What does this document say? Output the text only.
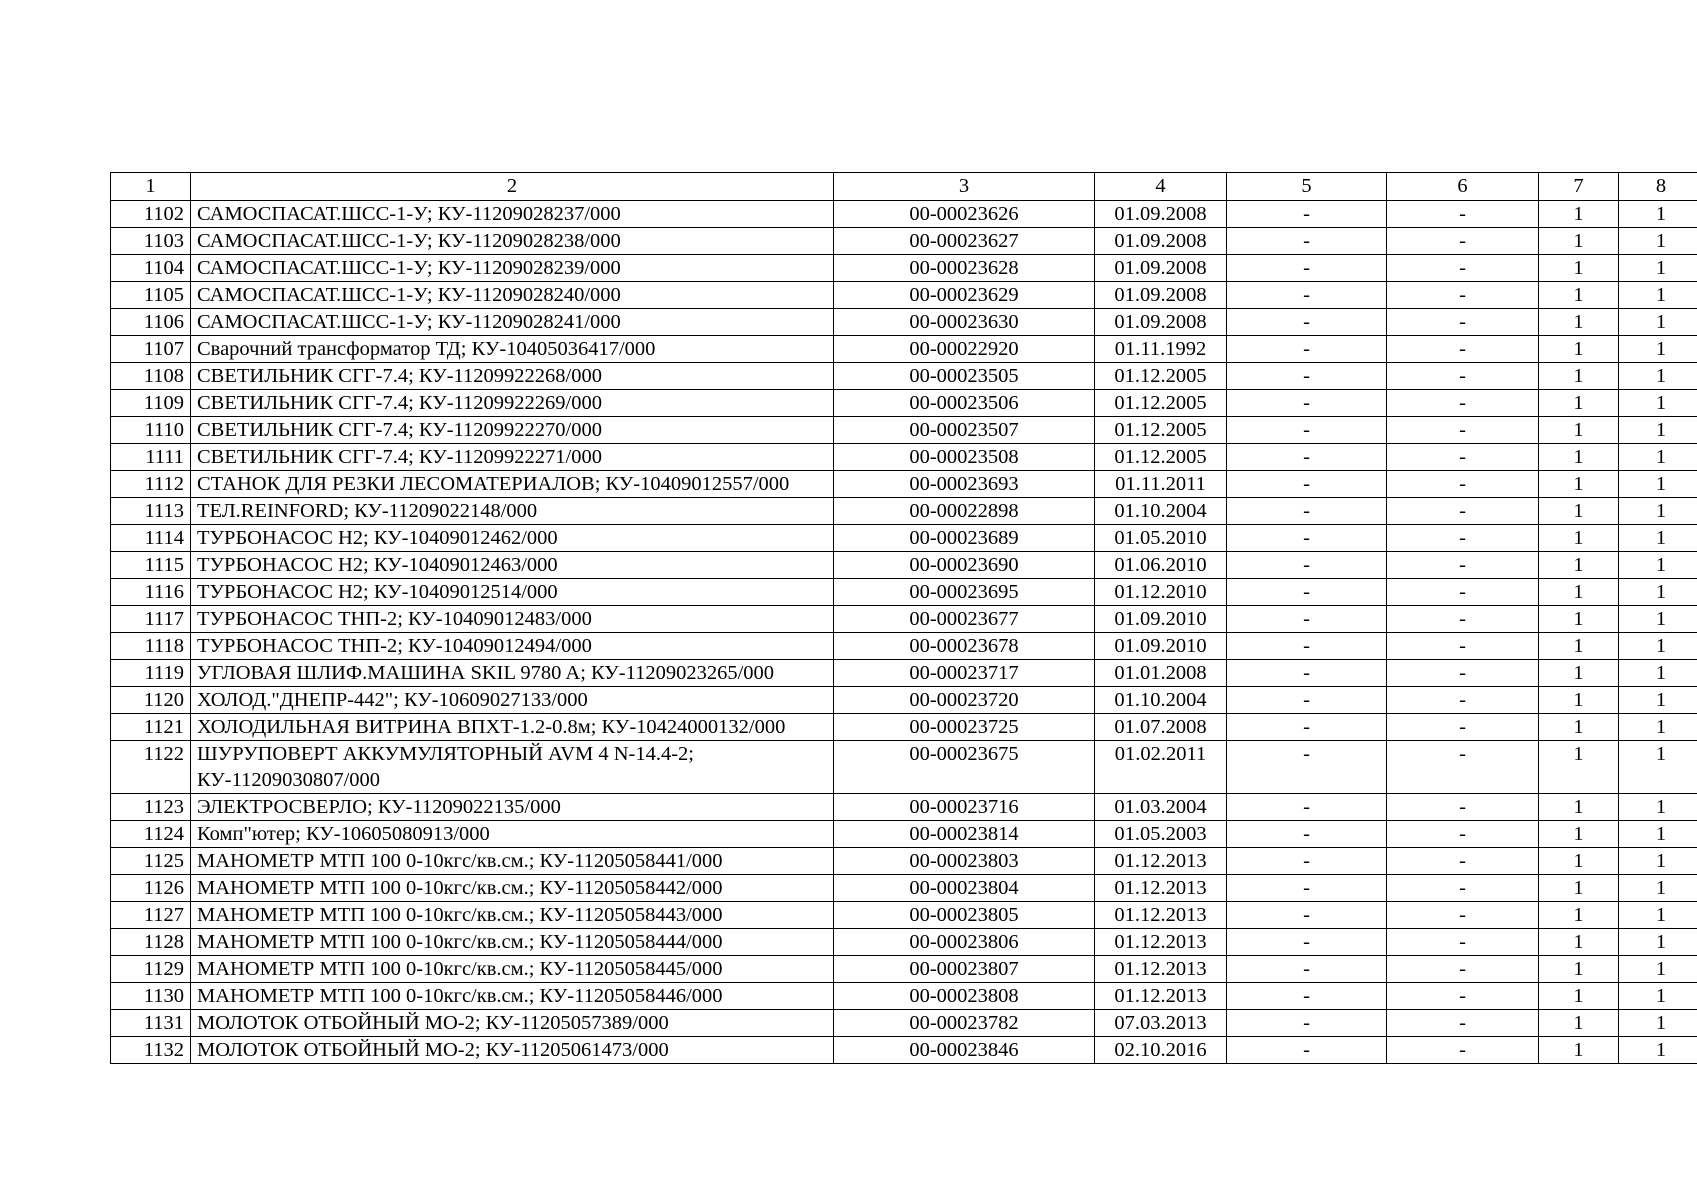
1	2	3	4	5	6	7	8
1102	САМОСПАСАТ.ШСС-1-У; КУ-11209028237/000	00-00023626	01.09.2008	-	-	1	1
1103	САМОСПАСАТ.ШСС-1-У; КУ-11209028238/000	00-00023627	01.09.2008	-	-	1	1
1104	САМОСПАСАТ.ШСС-1-У; КУ-11209028239/000	00-00023628	01.09.2008	-	-	1	1
1105	САМОСПАСАТ.ШСС-1-У; КУ-11209028240/000	00-00023629	01.09.2008	-	-	1	1
1106	САМОСПАСАТ.ШСС-1-У; КУ-11209028241/000	00-00023630	01.09.2008	-	-	1	1
1107	Сварочний трансформатор ТД; КУ-10405036417/000	00-00022920	01.11.1992	-	-	1	1
1108	СВЕТИЛЬНИК СГГ-7.4; КУ-11209922268/000	00-00023505	01.12.2005	-	-	1	1
1109	СВЕТИЛЬНИК СГГ-7.4; КУ-11209922269/000	00-00023506	01.12.2005	-	-	1	1
1110	СВЕТИЛЬНИК СГГ-7.4; КУ-11209922270/000	00-00023507	01.12.2005	-	-	1	1
1111	СВЕТИЛЬНИК СГГ-7.4; КУ-11209922271/000	00-00023508	01.12.2005	-	-	1	1
1112	СТАНОК ДЛЯ РЕЗКИ ЛЕСОМАТЕРИАЛОВ; КУ-10409012557/000	00-00023693	01.11.2011	-	-	1	1
1113	ТЕЛ.REINFORD; КУ-11209022148/000	00-00022898	01.10.2004	-	-	1	1
1114	ТУРБОНАСОС Н2; КУ-10409012462/000	00-00023689	01.05.2010	-	-	1	1
1115	ТУРБОНАСОС Н2; КУ-10409012463/000	00-00023690	01.06.2010	-	-	1	1
1116	ТУРБОНАСОС Н2; КУ-10409012514/000	00-00023695	01.12.2010	-	-	1	1
1117	ТУРБОНАСОС ТНП-2; КУ-10409012483/000	00-00023677	01.09.2010	-	-	1	1
1118	ТУРБОНАСОС ТНП-2; КУ-10409012494/000	00-00023678	01.09.2010	-	-	1	1
1119	УГЛОВАЯ ШЛИФ.МАШИНА SKIL 9780 A; КУ-11209023265/000	00-00023717	01.01.2008	-	-	1	1
1120	ХОЛОД."ДНЕПР-442"; КУ-10609027133/000	00-00023720	01.10.2004	-	-	1	1
1121	ХОЛОДИЛЬНАЯ ВИТРИНА ВПХТ-1.2-0.8м; КУ-10424000132/000	00-00023725	01.07.2008	-	-	1	1
1122	ШУРУПОВЕРТ АККУМУЛЯТОРНЫЙ AVM 4 N-14.4-2; КУ-11209030807/000	00-00023675	01.02.2011	-	-	1	1
1123	ЭЛЕКТРОСВЕРЛО; КУ-11209022135/000	00-00023716	01.03.2004	-	-	1	1
1124	Комп"ютер; КУ-10605080913/000	00-00023814	01.05.2003	-	-	1	1
1125	МАНОМЕТР МТП 100 0-10кгс/кв.см.; КУ-11205058441/000	00-00023803	01.12.2013	-	-	1	1
1126	МАНОМЕТР МТП 100 0-10кгс/кв.см.; КУ-11205058442/000	00-00023804	01.12.2013	-	-	1	1
1127	МАНОМЕТР МТП 100 0-10кгс/кв.см.; КУ-11205058443/000	00-00023805	01.12.2013	-	-	1	1
1128	МАНОМЕТР МТП 100 0-10кгс/кв.см.; КУ-11205058444/000	00-00023806	01.12.2013	-	-	1	1
1129	МАНОМЕТР МТП 100 0-10кгс/кв.см.; КУ-11205058445/000	00-00023807	01.12.2013	-	-	1	1
1130	МАНОМЕТР МТП 100 0-10кгс/кв.см.; КУ-11205058446/000	00-00023808	01.12.2013	-	-	1	1
1131	МОЛОТОК ОТБОЙНЫЙ МО-2; КУ-11205057389/000	00-00023782	07.03.2013	-	-	1	1
1132	МОЛОТОК ОТБОЙНЫЙ МО-2; КУ-11205061473/000	00-00023846	02.10.2016	-	-	1	1
